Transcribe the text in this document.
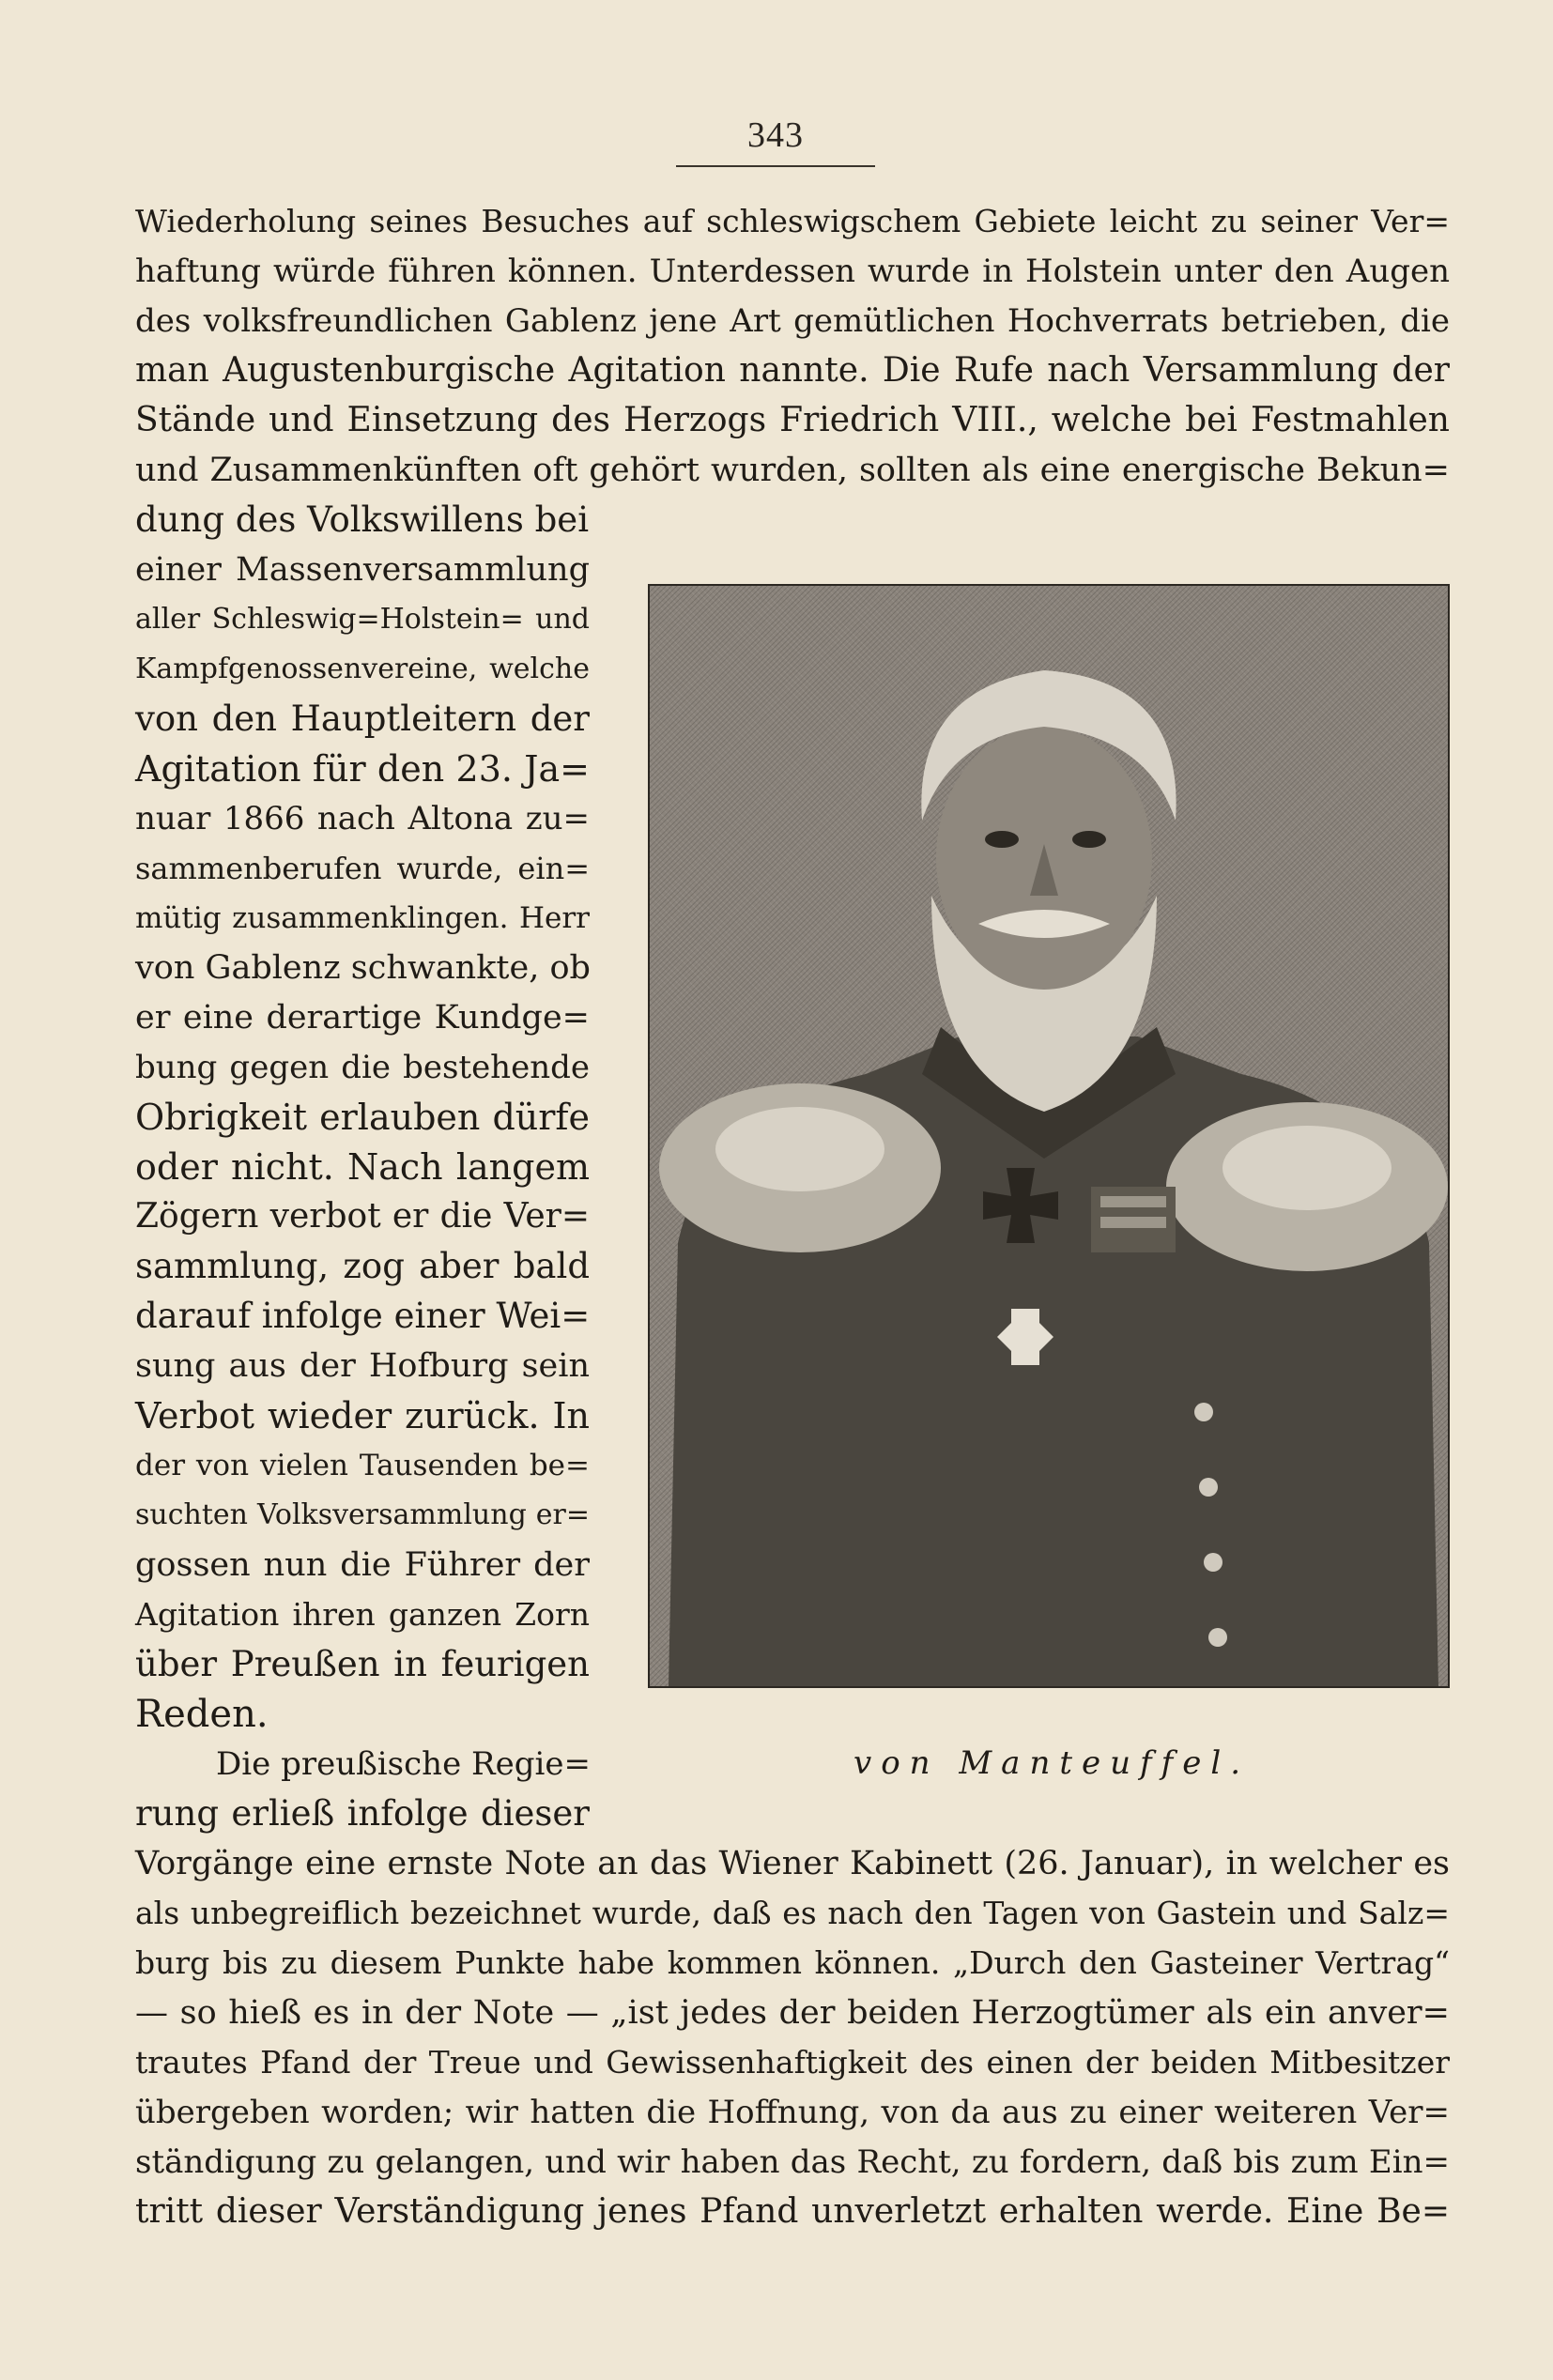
343
Wiederholung seines Besuches auf schleswigschem Gebiete leicht zu seiner Ver=
haftung würde führen können. Unterdessen wurde in Holstein unter den Augen
des volksfreundlichen Gablenz jene Art gemütlichen Hochverrats betrieben, die
man Augustenburgische Agitation nannte. Die Rufe nach Versammlung der
Stände und Einsetzung des Herzogs Friedrich VIII., welche bei Festmahlen
und Zusammenkünften oft gehört wurden, sollten als eine energische Bekun=
dung des Volkswillens bei
einer Massenversammlung
aller Schleswig=Holstein= und
Kampfgenossenvereine, welche
von den Hauptleitern der
Agitation für den 23. Ja=
nuar 1866 nach Altona zu=
sammenberufen wurde, ein=
mütig zusammenklingen. Herr
von Gablenz schwankte, ob
er eine derartige Kundge=
bung gegen die bestehende
Obrigkeit erlauben dürfe
oder nicht. Nach langem
Zögern verbot er die Ver=
sammlung, zog aber bald
darauf infolge einer Wei=
sung aus der Hofburg sein
Verbot wieder zurück. In
der von vielen Tausenden be=
suchten Volksversammlung er=
gossen nun die Führer der
Agitation ihren ganzen Zorn
über Preußen in feurigen
Reden.
Die preußische Regie=
rung erließ infolge dieser
von Manteuffel.
Vorgänge eine ernste Note an das Wiener Kabinett (26. Januar), in welcher es
als unbegreiflich bezeichnet wurde, daß es nach den Tagen von Gastein und Salz=
burg bis zu diesem Punkte habe kommen können. „Durch den Gasteiner Vertrag“
— so hieß es in der Note — „ist jedes der beiden Herzogtümer als ein anver=
trautes Pfand der Treue und Gewissenhaftigkeit des einen der beiden Mitbesitzer
übergeben worden; wir hatten die Hoffnung, von da aus zu einer weiteren Ver=
ständigung zu gelangen, und wir haben das Recht, zu fordern, daß bis zum Ein=
tritt dieser Verständigung jenes Pfand unverletzt erhalten werde. Eine Be=
